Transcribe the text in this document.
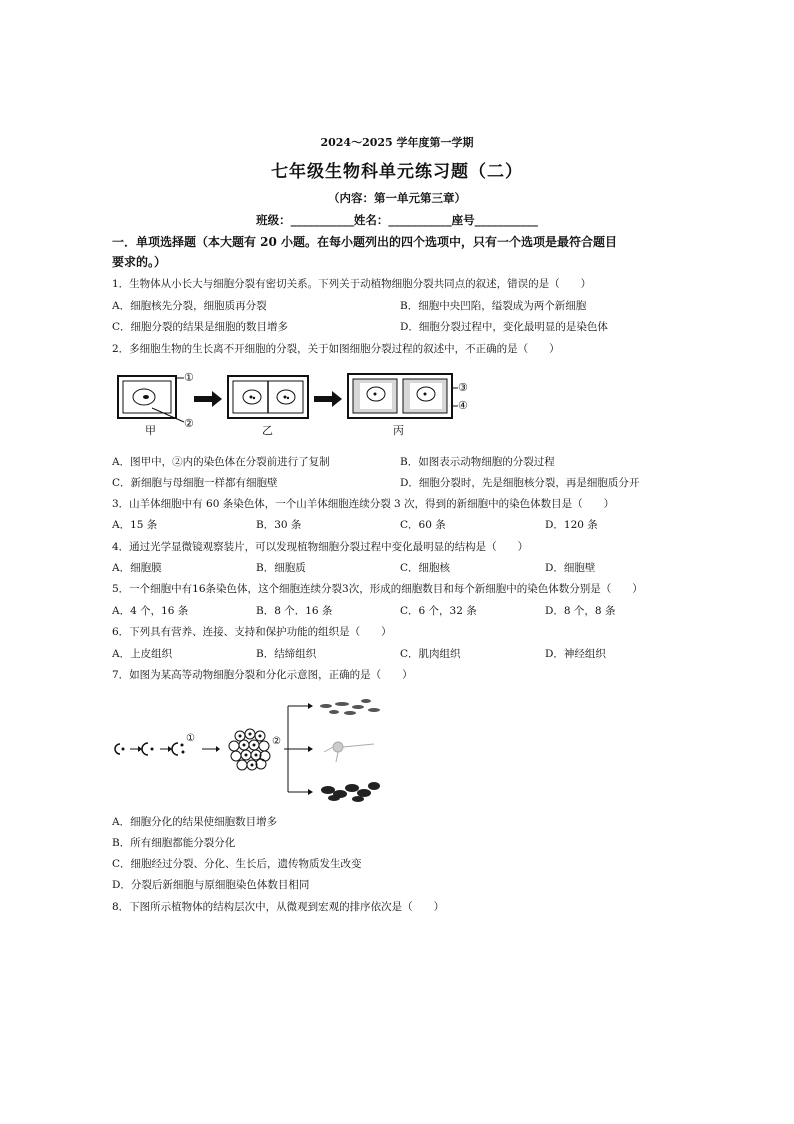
2024～2025 学年度第一学期
七年级生物科单元练习题（二）
（内容：第一单元第三章）
班级：___________姓名：___________座号___________
一．单项选择题（本大题有 20 小题。在每小题列出的四个选项中，只有一个选项是最符合题目
要求的。）
1．生物体从小长大与细胞分裂有密切关系。下列关于动植物细胞分裂共同点的叙述，错误的是（　　）
A．细胞核先分裂，细胞质再分裂	B．细胞中央凹陷，缢裂成为两个新细胞
C．细胞分裂的结果是细胞的数目增多	D．细胞分裂过程中，变化最明显的是染色体
2．多细胞生物的生长离不开细胞的分裂，关于如图细胞分裂过程的叙述中，不正确的是（　　）
①
②
③
④
甲	乙	丙
A．图甲中，②内的染色体在分裂前进行了复制	B．如图表示动物细胞的分裂过程
C．新细胞与母细胞一样都有细胞壁	D．细胞分裂时，先是细胞核分裂，再是细胞质分开
3．山羊体细胞中有 60 条染色体，一个山羊体细胞连续分裂 3 次，得到的新细胞中的染色体数目是（　　）
A．15 条	B．30 条	C．60 条	D．120 条
4．通过光学显微镜观察装片，可以发现植物细胞分裂过程中变化最明显的结构是（　　）
A．细胞膜	B．细胞质	C．细胞核	D．细胞壁
5．一个细胞中有16条染色体，这个细胞连续分裂3次，形成的细胞数目和每个新细胞中的染色体数分别是（　　）
A．4 个，16 条	B．8 个．16 条	C．6 个，32 条	D．8 个，8 条
6．下列具有营养、连接、支持和保护功能的组织是（　　）
A．上皮组织	B．结缔组织	C．肌肉组织	D．神经组织
7．如图为某高等动物细胞分裂和分化示意图，正确的是（　　）
①	②
A．细胞分化的结果使细胞数目增多
B．所有细胞都能分裂分化
C．细胞经过分裂、分化、生长后，遗传物质发生改变
D．分裂后新细胞与原细胞染色体数目相同
8．下图所示植物体的结构层次中，从微观到宏观的排序依次是（　　）
